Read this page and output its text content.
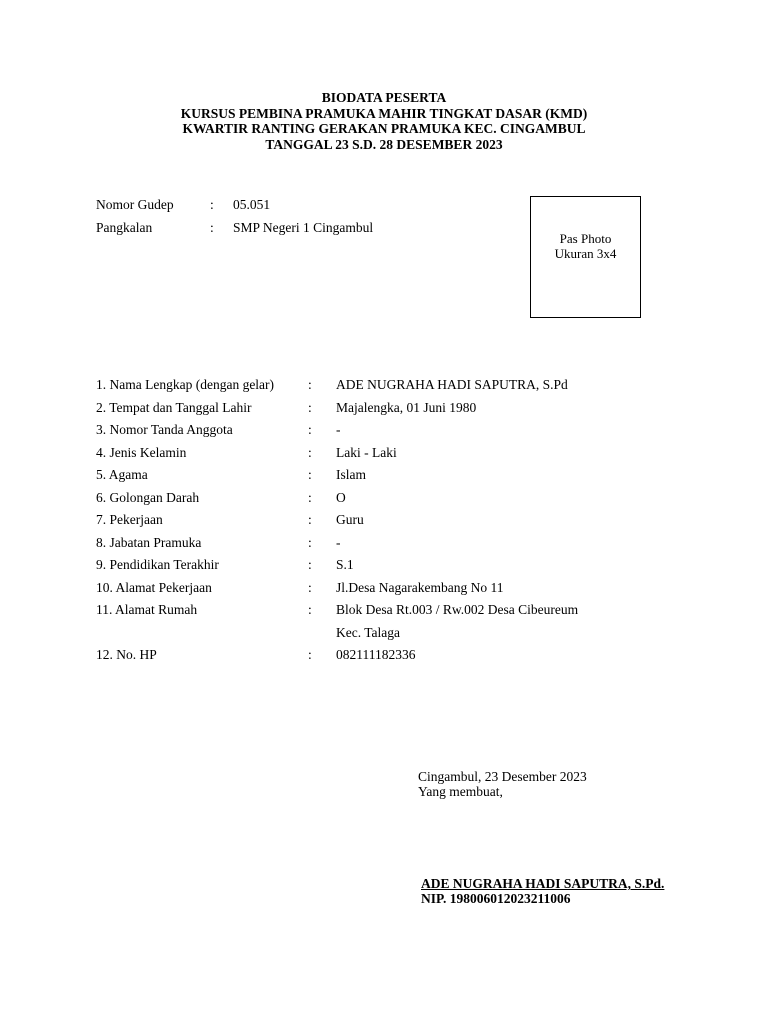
BIODATA PESERTA
KURSUS PEMBINA PRAMUKA MAHIR TINGKAT DASAR (KMD)
KWARTIR RANTING GERAKAN PRAMUKA KEC. CINGAMBUL
TANGGAL 23 S.D. 28 DESEMBER 2023
Nomor Gudep	: 05.051
Pangkalan	: SMP Negeri 1 Cingambul
Pas Photo
Ukuran 3x4
1. Nama Lengkap (dengan gelar)	: ADE NUGRAHA HADI SAPUTRA, S.Pd
2. Tempat dan Tanggal Lahir	: Majalengka, 01 Juni 1980
3. Nomor Tanda Anggota	: -
4. Jenis Kelamin	: Laki - Laki
5. Agama	: Islam
6. Golongan Darah	: O
7. Pekerjaan	: Guru
8. Jabatan Pramuka	: -
9. Pendidikan Terakhir	: S.1
10. Alamat Pekerjaan	: Jl.Desa Nagarakembang No 11
11. Alamat Rumah	: Blok Desa Rt.003 / Rw.002 Desa Cibeureum
Kec. Talaga
12. No. HP	: 082111182336
Cingambul, 23 Desember 2023
Yang membuat,
ADE NUGRAHA HADI SAPUTRA, S.Pd.
NIP. 198006012023211006
